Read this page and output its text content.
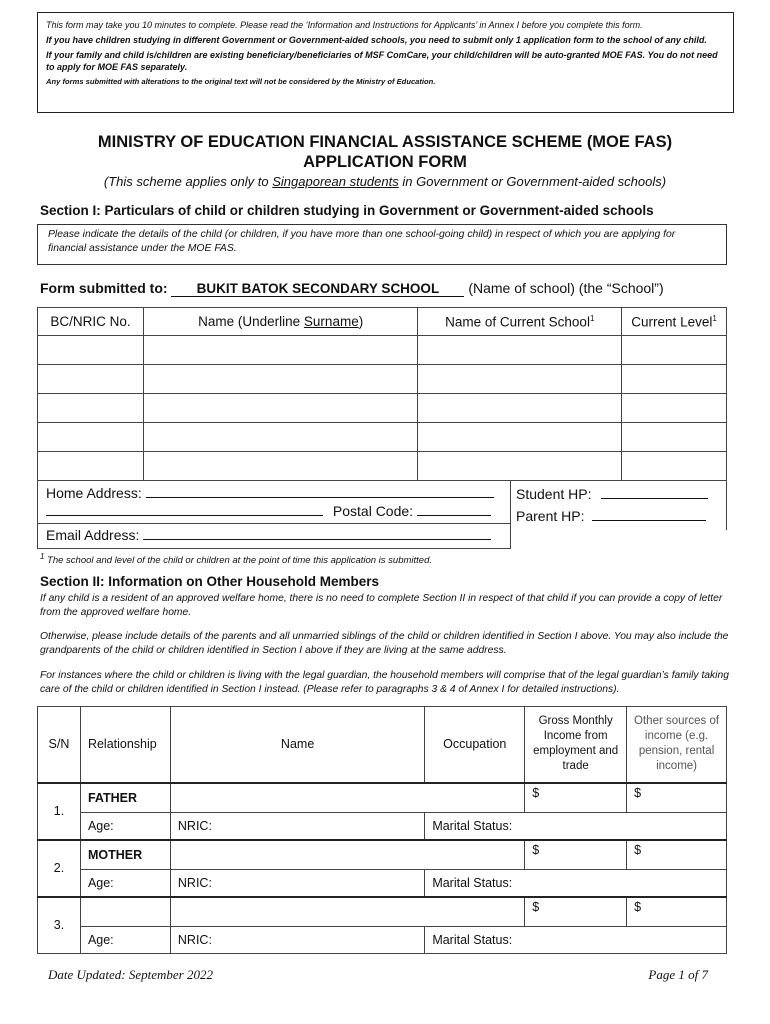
This form may take you 10 minutes to complete. Please read the ‘Information and Instructions for Applicants’ in Annex I before you complete this form.

If you have children studying in different Government or Government-aided schools, you need to submit only 1 application form to the school of any child.

If your family and child is/children are existing beneficiary/beneficiaries of MSF ComCare, your child/children will be auto-granted MOE FAS. You do not need to apply for MOE FAS separately.

Any forms submitted with alterations to the original text will not be considered by the Ministry of Education.

MINISTRY OF EDUCATION FINANCIAL ASSISTANCE SCHEME (MOE FAS)
APPLICATION FORM
(This scheme applies only to Singaporean students in Government or Government-aided schools)
Section I: Particulars of child or children studying in Government or Government-aided schools
Please indicate the details of the child (or children, if you have more than one school-going child) in respect of which you are applying for financial assistance under the MOE FAS.
Form submitted to: BUKIT BATOK SECONDARY SCHOOL (Name of school) (the “School”)
BC/NRIC No.	Name (Underline Surname)	Name of Current School$^1$	Current Level$^1$

Home Address:
Postal Code:
Email Address:
Student HP:
Parent HP:
$^1$ The school and level of the child or children at the point of time this application is submitted.
Section II: Information on Other Household Members
If any child is a resident of an approved welfare home, there is no need to complete Section II in respect of that child if you can provide a copy of letter from the approved welfare home.
Otherwise, please include details of the parents and all unmarried siblings of the child or children identified in Section I above. You may also include the grandparents of the child or children identified in Section I above if they are living at the same address.
For instances where the child or children is living with the legal guardian, the household members will comprise that of the legal guardian’s family taking care of the child or children identified in Section I instead. (Please refer to paragraphs 3 & 4 of Annex I for detailed instructions).
S/N	Relationship	Name	Occupation	Gross Monthly Income from employment and trade	Other sources of income (e.g. pension, rental income)
1.	FATHER			$	$
	Age:	NRIC:	Marital Status:		
2.	MOTHER			$	$
	Age:	NRIC:	Marital Status:		
3.				$	$
	Age:	NRIC:	Marital Status:		
Date Updated: September 2022	Page 1 of 7
